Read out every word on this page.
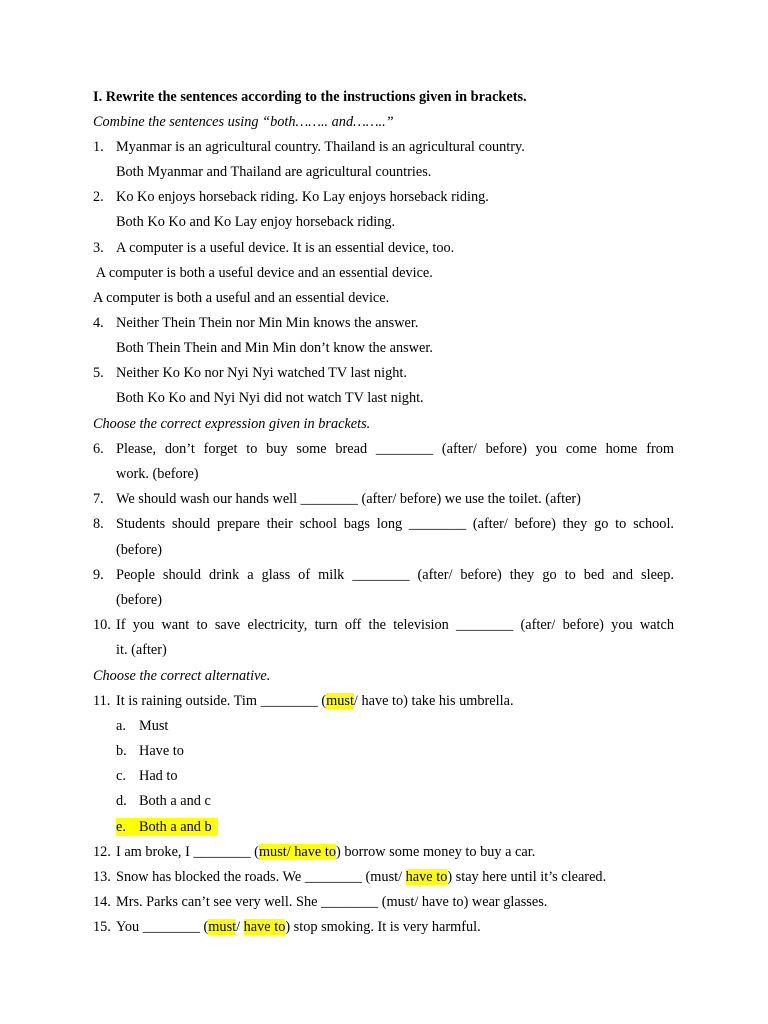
I. Rewrite the sentences according to the instructions given in brackets.
Combine the sentences using “both…….. and……..”
1. Myanmar is an agricultural country. Thailand is an agricultural country.
Both Myanmar and Thailand are agricultural countries.
2. Ko Ko enjoys horseback riding. Ko Lay enjoys horseback riding.
Both Ko Ko and Ko Lay enjoy horseback riding.
3. A computer is a useful device. It is an essential device, too.
A computer is both a useful device and an essential device.
A computer is both a useful and an essential device.
4. Neither Thein Thein nor Min Min knows the answer.
Both Thein Thein and Min Min don’t know the answer.
5. Neither Ko Ko nor Nyi Nyi watched TV last night.
Both Ko Ko and Nyi Nyi did not watch TV last night.
Choose the correct expression given in brackets.
6. Please, don’t forget to buy some bread ________ (after/ before) you come home from
work. (before)
7. We should wash our hands well ________ (after/ before) we use the toilet. (after)
8. Students should prepare their school bags long ________ (after/ before) they go to school.
(before)
9. People should drink a glass of milk ________ (after/ before) they go to bed and sleep.
(before)
10. If you want to save electricity, turn off the television ________ (after/ before) you watch
it. (after)
Choose the correct alternative.
11. It is raining outside. Tim ________ (must/ have to) take his umbrella.
a. Must
b. Have to
c. Had to
d. Both a and c
e. Both a and b
12. I am broke, I ________ (must/ have to) borrow some money to buy a car.
13. Snow has blocked the roads. We ________ (must/ have to) stay here until it’s cleared.
14. Mrs. Parks can’t see very well. She ________ (must/ have to) wear glasses.
15. You ________ (must/ have to) stop smoking. It is very harmful.
